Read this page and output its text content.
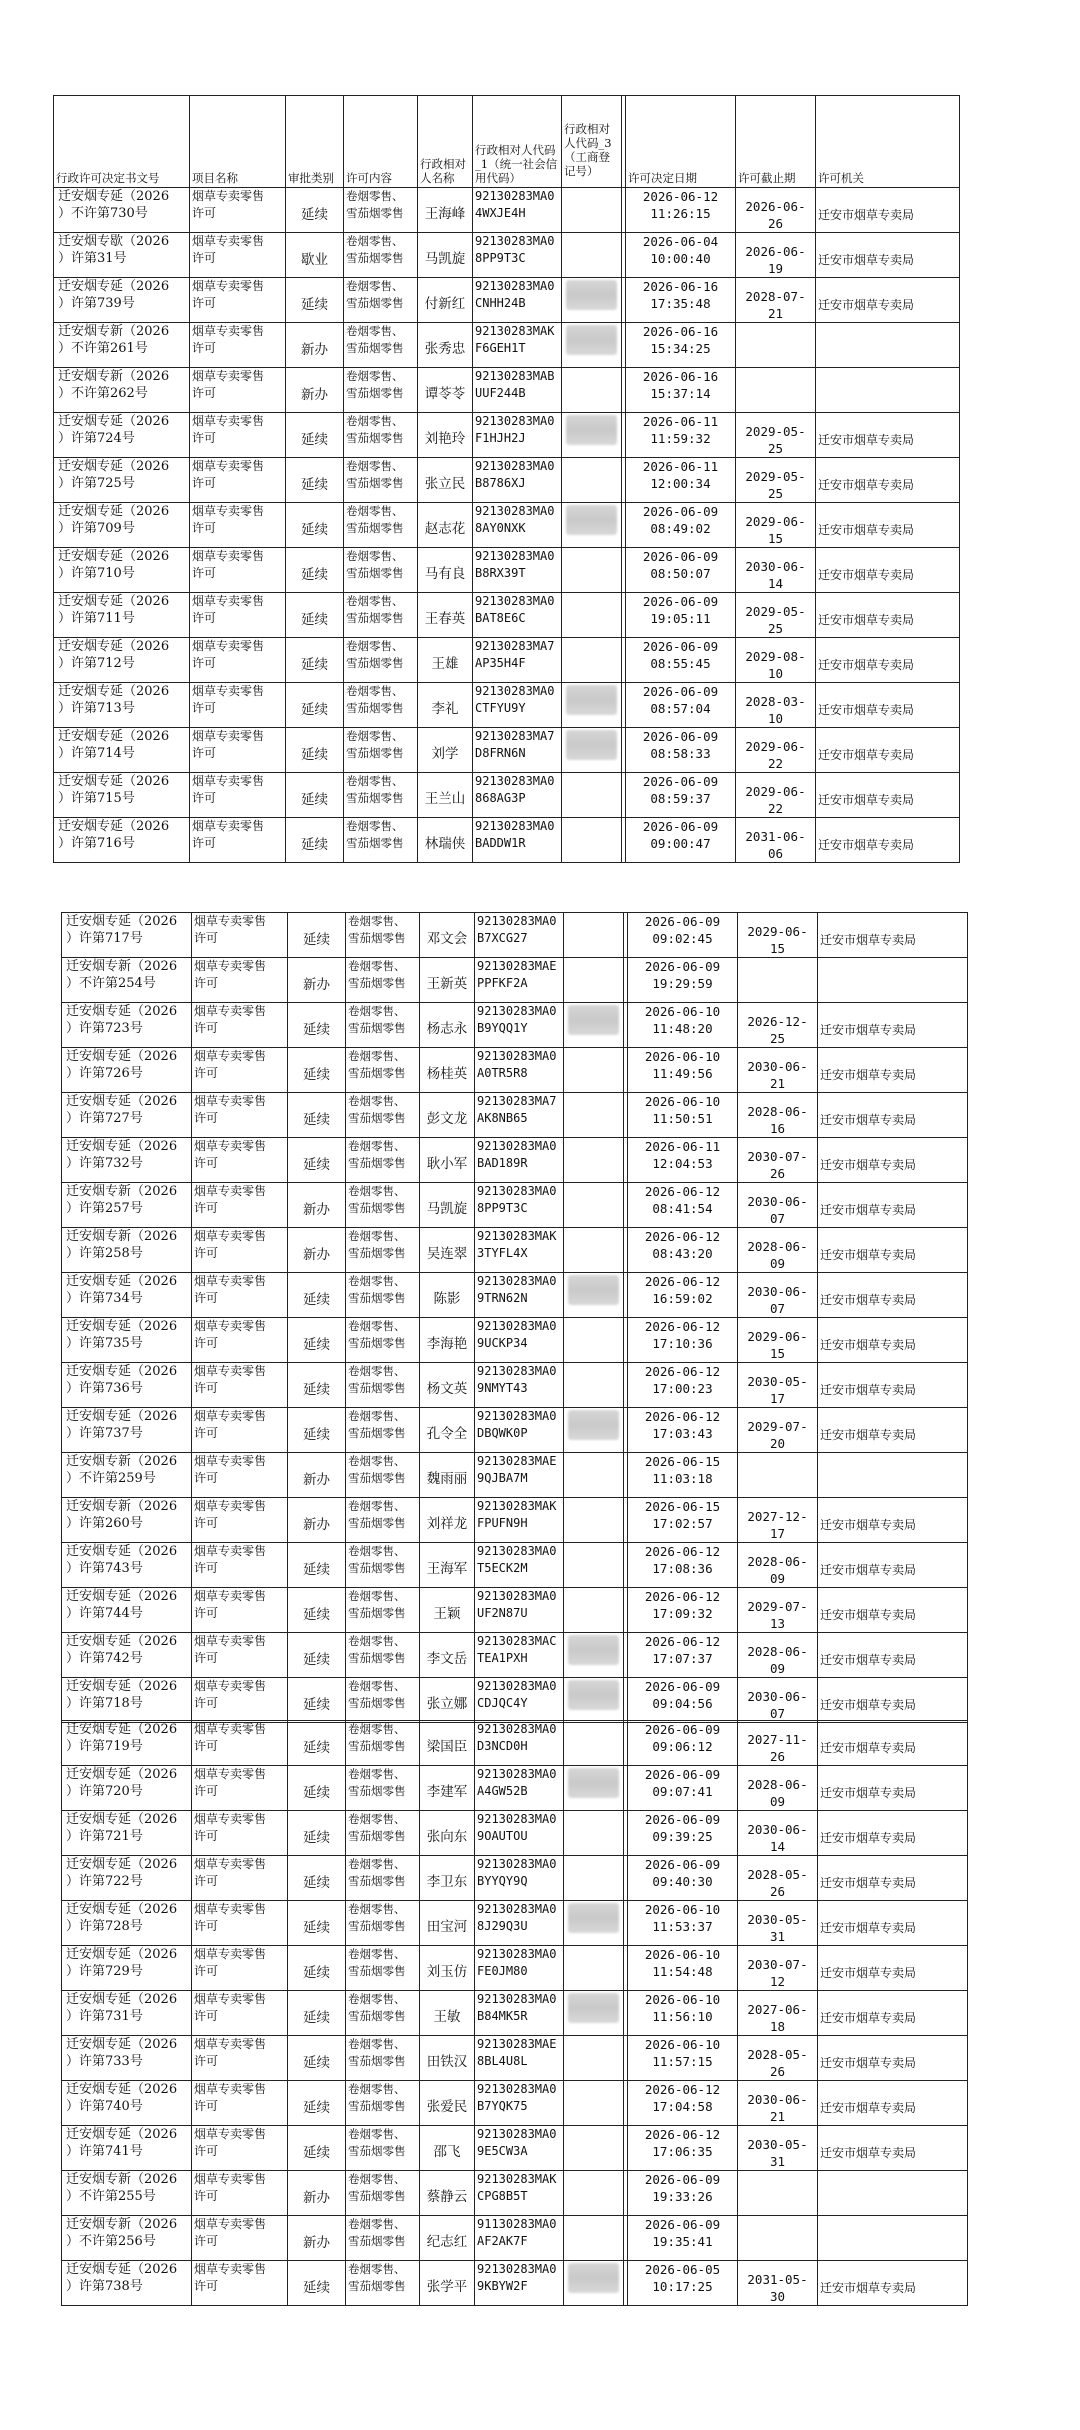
行政许可决定书文号	项目名称	审批类别	许可内容	行政相对人名称	行政相对人代码_1（统一社会信用代码）	行政相对人代码_3（工商登记号）		许可决定日期	许可截止期	许可机关
迁安烟专延（2026
）不许第730号	烟草专卖零售
许可	延续	卷烟零售、
雪茄烟零售	王海峰	92130283MA0
4WXJE4H			2026-06-12
11:26:15	2026-06-26	迁安市烟草专卖局
迁安烟专歇（2026
）许第31号	烟草专卖零售
许可	歇业	卷烟零售、
雪茄烟零售	马凯旋	92130283MA0
8PP9T3C			2026-06-04
10:00:40	2026-06-19	迁安市烟草专卖局
迁安烟专延（2026
）许第739号	烟草专卖零售
许可	延续	卷烟零售、
雪茄烟零售	付新红	92130283MA0
CNHH24B			2026-06-16
17:35:48	2028-07-21	迁安市烟草专卖局
迁安烟专新（2026
）不许第261号	烟草专卖零售
许可	新办	卷烟零售、
雪茄烟零售	张秀忠	92130283MAK
F6GEH1T			2026-06-16
15:34:25		
迁安烟专新（2026
）不许第262号	烟草专卖零售
许可	新办	卷烟零售、
雪茄烟零售	谭苓苓	92130283MAB
UUF244B			2026-06-16
15:37:14		
迁安烟专延（2026
）许第724号	烟草专卖零售
许可	延续	卷烟零售、
雪茄烟零售	刘艳玲	92130283MA0
F1HJH2J			2026-06-11
11:59:32	2029-05-25	迁安市烟草专卖局
迁安烟专延（2026
）许第725号	烟草专卖零售
许可	延续	卷烟零售、
雪茄烟零售	张立民	92130283MA0
B8786XJ			2026-06-11
12:00:34	2029-05-25	迁安市烟草专卖局
迁安烟专延（2026
）许第709号	烟草专卖零售
许可	延续	卷烟零售、
雪茄烟零售	赵志花	92130283MA0
8AY0NXK			2026-06-09
08:49:02	2029-06-15	迁安市烟草专卖局
迁安烟专延（2026
）许第710号	烟草专卖零售
许可	延续	卷烟零售、
雪茄烟零售	马有良	92130283MA0
B8RX39T			2026-06-09
08:50:07	2030-06-14	迁安市烟草专卖局
迁安烟专延（2026
）许第711号	烟草专卖零售
许可	延续	卷烟零售、
雪茄烟零售	王春英	92130283MA0
BAT8E6C			2026-06-09
19:05:11	2029-05-25	迁安市烟草专卖局
迁安烟专延（2026
）许第712号	烟草专卖零售
许可	延续	卷烟零售、
雪茄烟零售	王雄	92130283MA7
AP35H4F			2026-06-09
08:55:45	2029-08-10	迁安市烟草专卖局
迁安烟专延（2026
）许第713号	烟草专卖零售
许可	延续	卷烟零售、
雪茄烟零售	李礼	92130283MA0
CTFYU9Y			2026-06-09
08:57:04	2028-03-10	迁安市烟草专卖局
迁安烟专延（2026
）许第714号	烟草专卖零售
许可	延续	卷烟零售、
雪茄烟零售	刘学	92130283MA7
D8FRN6N			2026-06-09
08:58:33	2029-06-22	迁安市烟草专卖局
迁安烟专延（2026
）许第715号	烟草专卖零售
许可	延续	卷烟零售、
雪茄烟零售	王兰山	92130283MA0
868AG3P			2026-06-09
08:59:37	2029-06-22	迁安市烟草专卖局
迁安烟专延（2026
）许第716号	烟草专卖零售
许可	延续	卷烟零售、
雪茄烟零售	林瑞侠	92130283MA0
BADDW1R			2026-06-09
09:00:47	2031-06-06	迁安市烟草专卖局
迁安烟专延（2026
）许第717号	烟草专卖零售
许可	延续	卷烟零售、
雪茄烟零售	邓文会	92130283MA0
B7XCG27			2026-06-09
09:02:45	2029-06-15	迁安市烟草专卖局
迁安烟专新（2026
）不许第254号	烟草专卖零售
许可	新办	卷烟零售、
雪茄烟零售	王新英	92130283MAE
PPFKF2A			2026-06-09
19:29:59		
迁安烟专延（2026
）许第723号	烟草专卖零售
许可	延续	卷烟零售、
雪茄烟零售	杨志永	92130283MA0
B9YQQ1Y			2026-06-10
11:48:20	2026-12-25	迁安市烟草专卖局
迁安烟专延（2026
）许第726号	烟草专卖零售
许可	延续	卷烟零售、
雪茄烟零售	杨桂英	92130283MA0
A0TR5R8			2026-06-10
11:49:56	2030-06-21	迁安市烟草专卖局
迁安烟专延（2026
）许第727号	烟草专卖零售
许可	延续	卷烟零售、
雪茄烟零售	彭文龙	92130283MA7
AK8NB65			2026-06-10
11:50:51	2028-06-16	迁安市烟草专卖局
迁安烟专延（2026
）许第732号	烟草专卖零售
许可	延续	卷烟零售、
雪茄烟零售	耿小军	92130283MA0
BAD189R			2026-06-11
12:04:53	2030-07-26	迁安市烟草专卖局
迁安烟专新（2026
）许第257号	烟草专卖零售
许可	新办	卷烟零售、
雪茄烟零售	马凯旋	92130283MA0
8PP9T3C			2026-06-12
08:41:54	2030-06-07	迁安市烟草专卖局
迁安烟专新（2026
）许第258号	烟草专卖零售
许可	新办	卷烟零售、
雪茄烟零售	吴连翠	92130283MAK
3TYFL4X			2026-06-12
08:43:20	2028-06-09	迁安市烟草专卖局
迁安烟专延（2026
）许第734号	烟草专卖零售
许可	延续	卷烟零售、
雪茄烟零售	陈影	92130283MA0
9TRN62N			2026-06-12
16:59:02	2030-06-07	迁安市烟草专卖局
迁安烟专延（2026
）许第735号	烟草专卖零售
许可	延续	卷烟零售、
雪茄烟零售	李海艳	92130283MA0
9UCKP34			2026-06-12
17:10:36	2029-06-15	迁安市烟草专卖局
迁安烟专延（2026
）许第736号	烟草专卖零售
许可	延续	卷烟零售、
雪茄烟零售	杨文英	92130283MA0
9NMYT43			2026-06-12
17:00:23	2030-05-17	迁安市烟草专卖局
迁安烟专延（2026
）许第737号	烟草专卖零售
许可	延续	卷烟零售、
雪茄烟零售	孔令全	92130283MA0
DBQWK0P			2026-06-12
17:03:43	2029-07-20	迁安市烟草专卖局
迁安烟专新（2026
）不许第259号	烟草专卖零售
许可	新办	卷烟零售、
雪茄烟零售	魏雨丽	92130283MAE
9QJBA7M			2026-06-15
11:03:18		
迁安烟专新（2026
）许第260号	烟草专卖零售
许可	新办	卷烟零售、
雪茄烟零售	刘祥龙	92130283MAK
FPUFN9H			2026-06-15
17:02:57	2027-12-17	迁安市烟草专卖局
迁安烟专延（2026
）许第743号	烟草专卖零售
许可	延续	卷烟零售、
雪茄烟零售	王海军	92130283MA0
T5ECK2M			2026-06-12
17:08:36	2028-06-09	迁安市烟草专卖局
迁安烟专延（2026
）许第744号	烟草专卖零售
许可	延续	卷烟零售、
雪茄烟零售	王颖	92130283MA0
UF2N87U			2026-06-12
17:09:32	2029-07-13	迁安市烟草专卖局
迁安烟专延（2026
）许第742号	烟草专卖零售
许可	延续	卷烟零售、
雪茄烟零售	李文岳	92130283MAC
TEA1PXH			2026-06-12
17:07:37	2028-06-09	迁安市烟草专卖局
迁安烟专延（2026
）许第718号	烟草专卖零售
许可	延续	卷烟零售、
雪茄烟零售	张立娜	92130283MA0
CDJQC4Y			2026-06-09
09:04:56	2030-06-07	迁安市烟草专卖局
迁安烟专延（2026
）许第719号	烟草专卖零售
许可	延续	卷烟零售、
雪茄烟零售	梁国臣	92130283MA0
D3NCD0H			2026-06-09
09:06:12	2027-11-26	迁安市烟草专卖局
迁安烟专延（2026
）许第720号	烟草专卖零售
许可	延续	卷烟零售、
雪茄烟零售	李建军	92130283MA0
A4GW52B			2026-06-09
09:07:41	2028-06-09	迁安市烟草专卖局
迁安烟专延（2026
）许第721号	烟草专卖零售
许可	延续	卷烟零售、
雪茄烟零售	张向东	92130283MA0
9OAUTOU			2026-06-09
09:39:25	2030-06-14	迁安市烟草专卖局
迁安烟专延（2026
）许第722号	烟草专卖零售
许可	延续	卷烟零售、
雪茄烟零售	李卫东	92130283MA0
BYYQY9Q			2026-06-09
09:40:30	2028-05-26	迁安市烟草专卖局
迁安烟专延（2026
）许第728号	烟草专卖零售
许可	延续	卷烟零售、
雪茄烟零售	田宝河	92130283MA0
8J29Q3U			2026-06-10
11:53:37	2030-05-31	迁安市烟草专卖局
迁安烟专延（2026
）许第729号	烟草专卖零售
许可	延续	卷烟零售、
雪茄烟零售	刘玉仿	92130283MA0
FE0JM80			2026-06-10
11:54:48	2030-07-12	迁安市烟草专卖局
迁安烟专延（2026
）许第731号	烟草专卖零售
许可	延续	卷烟零售、
雪茄烟零售	王敏	92130283MA0
B84MK5R			2026-06-10
11:56:10	2027-06-18	迁安市烟草专卖局
迁安烟专延（2026
）许第733号	烟草专卖零售
许可	延续	卷烟零售、
雪茄烟零售	田铁汉	92130283MAE
8BL4U8L			2026-06-10
11:57:15	2028-05-26	迁安市烟草专卖局
迁安烟专延（2026
）许第740号	烟草专卖零售
许可	延续	卷烟零售、
雪茄烟零售	张爱民	92130283MA0
B7YQK75			2026-06-12
17:04:58	2030-06-21	迁安市烟草专卖局
迁安烟专延（2026
）许第741号	烟草专卖零售
许可	延续	卷烟零售、
雪茄烟零售	邵飞	92130283MA0
9E5CW3A			2026-06-12
17:06:35	2030-05-31	迁安市烟草专卖局
迁安烟专新（2026
）不许第255号	烟草专卖零售
许可	新办	卷烟零售、
雪茄烟零售	蔡静云	92130283MAK
CPG8B5T			2026-06-09
19:33:26		
迁安烟专新（2026
）不许第256号	烟草专卖零售
许可	新办	卷烟零售、
雪茄烟零售	纪志红	91130283MA0
AF2AK7F			2026-06-09
19:35:41		
迁安烟专延（2026
）许第738号	烟草专卖零售
许可	延续	卷烟零售、
雪茄烟零售	张学平	92130283MA0
9KBYW2F			2026-06-05
10:17:25	2031-05-30	迁安市烟草专卖局
